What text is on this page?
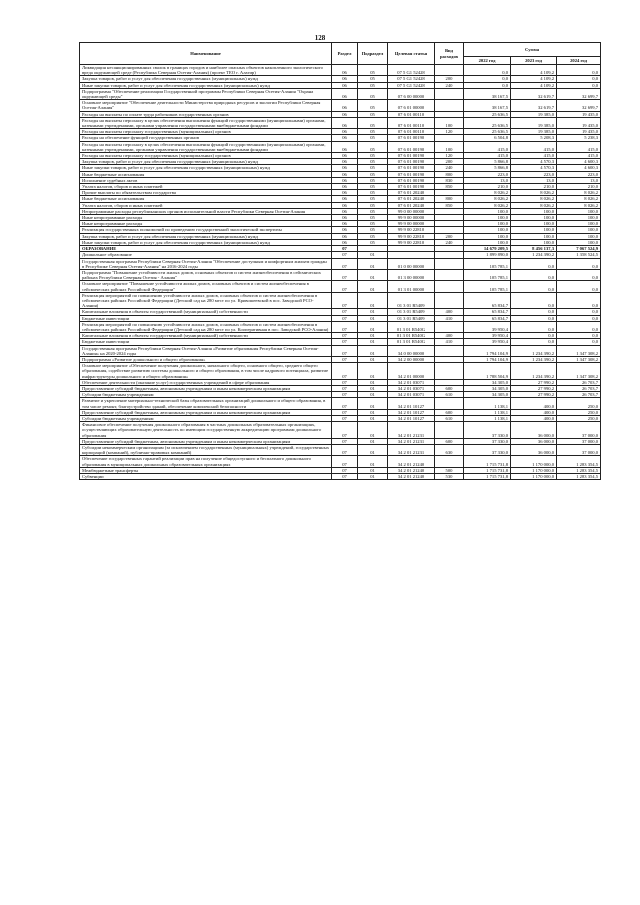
128
Наименование	Раздел	Подраздел	Целевая статья	Вид расходов	Сумма		
					2022 год	2023 год	2024 год
Ликвидация несанкционированных свалок в границах городов и наиболее опасных объектов накопленного экологического вреда окружающей среде (Республика Северная Осетия-Алания) (проект ТЕО г. Алагир)	06	05	07 5 G1 52428		0,0	4 109,2	0,0
Закупка товаров, работ и услуг для обеспечения государственных (муниципальных) нужд	06	05	07 5 G1 52428	200	0,0	4 109,2	0,0
Иные закупки товаров, работ и услуг для обеспечения государственных (муниципальных) нужд	06	05	07 5 G1 52428	240	0,0	4 109,2	0,0
Подпрограмма "Обеспечение реализации Государственной программы Республики Северная Осетия-Алания "Охрана окружающей среды"	06	05	07 6 00 00000		38 167,5	32 619,7	32 699,7
Основное мероприятие "Обеспечение деятельности Министерства природных ресурсов и экологии Республики Северная Осетия-Алания"	06	05	07 6 01 00000		38 167,5	32 619,7	32 699,7
Расходы на выплаты по оплате труда работников государственных органов	06	05	07 6 01 00110		25 636,5	19 385,0	19 435,0
Расходы на выплаты персоналу в целях обеспечения выполнения функций государственными (муниципальными) органами, казенными учреждениями, органами управления государственными внебюджетными фондами	06	05	07 6 01 00110	100	25 636,5	19 385,0	19 435,0
Расходы на выплаты персоналу государственных (муниципальных) органов	06	05	07 6 01 00110	120	25 636,5	19 385,0	19 435,0
Расходы на обеспечение функций государственных органов	06	05	07 6 01 00190		6 504,8	5 208,3	5 238,3
Расходы на выплаты персоналу в целях обеспечения выполнения функций государственными (муниципальными) органами, казенными учреждениями, органами управления государственными внебюджетными фондами	06	05	07 6 01 00190	100	415,0	415,0	415,0
Расходы на выплаты персоналу государственных (муниципальных) органов	06	05	07 6 01 00190	120	415,0	415,0	415,0
Закупка товаров, работ и услуг для обеспечения государственных (муниципальных) нужд	06	05	07 6 01 00190	200	5 866,8	4 570,3	4 600,3
Иные закупки товаров, работ и услуг для обеспечения государственных (муниципальных) нужд	06	05	07 6 01 00190	240	5 866,8	4 570,3	4 600,3
Иные бюджетные ассигнования	06	05	07 6 01 00190	800	223,0	223,0	223,0
Исполнение судебных актов	06	05	07 6 01 00190	830	13,0	13,0	13,0
Уплата налогов, сборов и иных платежей	06	05	07 6 01 00190	850	210,0	210,0	210,0
Прочие выплаты по обязательствам государства	06	05	07 6 01 20240		8 026,2	8 026,2	8 026,2
Иные бюджетные ассигнования	06	05	07 6 01 20240	800	8 026,2	8 026,2	8 026,2
Уплата налогов, сборов и иных платежей	06	05	07 6 01 20240	850	8 026,2	8 026,2	8 026,2
Непрограммные расходы республиканских органов исполнительной власти Республики Северная Осетия-Алания	06	05	99 0 00 00000		100,0	100,0	100,0
Иные непрограммные расходы	06	05	99 9 00 00000		100,0	100,0	100,0
Иные непрограммные расходы	06	05	99 9 00 00000		100,0	100,0	100,0
Реализация государственных полномочий по проведению государственной экологической экспертизы	06	05	99 9 00 22810		100,0	100,0	100,0
Закупка товаров, работ и услуг для обеспечения государственных (муниципальных) нужд	06	05	99 9 00 22810	200	100,0	100,0	100,0
Иные закупки товаров, работ и услуг для обеспечения государственных (муниципальных) нужд	06	05	99 9 00 22810	240	100,0	100,0	100,0
ОБРАЗОВАНИЕ	07				14 679 209,5	8 456 137,3	7 067 524,9
Дошкольное образование	07	01			1 899 890,0	1 234 390,2	1 358 524,5
Государственная программа Республики Северная Осетия-Алания "Обеспечение доступным и комфортным жильем граждан в Республике Северная Осетия-Алания" на 2016-2024 годы	07	01	01 0 00 00000		105 785,1	0,0	0,0
Подпрограмма "Повышение устойчивости жилых домов, основных объектов и систем жизнеобеспечения в сейсмических районах Республики Северная Осетия - Алания"	07	01	01 3 00 00000		105 785,1	0,0	0,0
Основное мероприятие "Повышение устойчивости жилых домов, основных объектов и систем жизнеобеспечения в сейсмических районах Российской Федерации"	07	01	01 3 01 00000		105 785,1	0,0	0,0
Реализация мероприятий по повышению устойчивости жилых домов, основных объектов и систем жизнеобеспечения в сейсмических районах Российской Федерации (Детский сад на 280 мест по ул. Кривошеевской в пос. Заводской РСО-Алания)	07	01	01 3 01 R5409		65 834,7	0,0	0,0
Капитальные вложения в объекты государственной (муниципальной) собственности	07	01	01 3 01 R5409	400	65 834,7	0,0	0,0
Бюджетные инвестиции	07	01	01 3 01 R5409	410	65 834,7	0,0	0,0
Реализация мероприятий по повышению устойчивости жилых домов, основных объектов и систем жизнеобеспечения в сейсмических районах Российской Федерации (Детский сад на 280 мест по ул. Кооперативная в пос. Заводской РСО-Алания)	07	01	01 3 01 R540G		39 950,4	0,0	0,0
Капитальные вложения в объекты государственной (муниципальной) собственности	07	01	01 3 01 R540G	400	39 950,4	0,0	0,0
Бюджетные инвестиции	07	01	01 3 01 R540G	410	39 950,4	0,0	0,0
Государственная программа Республики Северная Осетия-Алания «Развитие образования Республики Северная Осетия-Алания» на 2020-2024 годы	07	01	34 0 00 00000		1 794 104,9	1 234 390,2	1 347 308,2
Подпрограмма «Развитие дошкольного и общего образования»	07	01	34 2 00 00000		1 794 104,9	1 234 390,2	1 347 308,2
Основное мероприятие «Обеспечение получения дошкольного, начального общего, основного общего, среднего общего образования, содействие развитию системы дошкольного и общего образования, в том числе кадрового потенциала, развитие инфраструктуры дошкольного и общего образования»	07	01	34 2 01 00000		1 788 504,9	1 234 390,2	1 347 308,2
Обеспечение деятельности (оказание услуг) государственных учреждений в сфере образования	07	01	34 2 01 03071		34 305,0	27 990,2	26 703,7
Предоставление субсидий бюджетным, автономным учреждениям и иным некоммерческим организациям	07	01	34 2 01 03071	600	34 305,0	27 990,2	26 703,7
Субсидии бюджетным учреждениям	07	01	34 2 01 03071	610	34 305,0	27 990,2	26 703,7
Развитие и укрепление материально-технической базы образовательных организаций дошкольного и общего образования, в том числе ремонт, благоустройство зданий, обеспечение комплексной безопасности	07	01	34 2 01 10127		1 138,1	400,0	250,0
Предоставление субсидий бюджетным, автономным учреждениям и иным некоммерческим организациям	07	01	34 2 01 10127	600	1 138,1	400,0	250,0
Субсидии бюджетным учреждениям	07	01	34 2 01 10127	610	1 138,1	400,0	250,0
Финансовое обеспечение получения дошкольного образования в частных дошкольных образовательных организациях, осуществляющих образовательную деятельность по имеющим государственную аккредитацию программам дошкольного образования	07	01	34 2 01 21231		37 330,0	36 000,0	37 000,0
Предоставление субсидий бюджетным, автономным учреждениям и иным некоммерческим организациям	07	01	34 2 01 21231	600	37 330,0	36 000,0	37 000,0
Субсидии некоммерческим организациям (за исключением государственных (муниципальных) учреждений, государственных корпораций (компаний), публично-правовых компаний)	07	01	34 2 01 21231	630	37 330,0	36 000,0	37 000,0
Обеспечение государственных гарантий реализации прав на получение общедоступного и бесплатного дошкольного образования в муниципальных дошкольных образовательных организациях	07	01	34 2 01 21240		1 715 731,8	1 170 000,0	1 283 354,5
Межбюджетные трансферты	07	01	34 2 01 21240	500	1 715 731,8	1 170 000,0	1 283 354,5
Субвенции	07	01	34 2 01 21240	530	1 715 731,8	1 170 000,0	1 283 354,5
